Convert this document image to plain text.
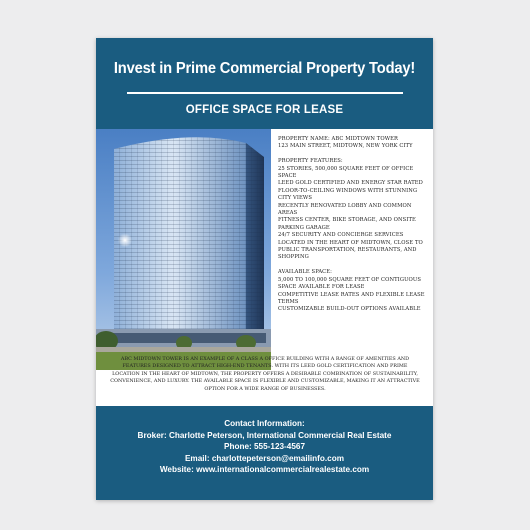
Invest in Prime Commercial Property Today!
OFFICE SPACE FOR LEASE
PROPERTY NAME: ABC MIDTOWN TOWER
123 MAIN STREET, MIDTOWN, NEW YORK CITY
PROPERTY FEATURES:
25 STORIES, 500,000 SQUARE FEET OF OFFICE SPACE
LEED GOLD CERTIFIED AND ENERGY STAR RATED
FLOOR-TO-CEILING WINDOWS WITH STUNNING CITY VIEWS
RECENTLY RENOVATED LOBBY AND COMMON AREAS
FITNESS CENTER, BIKE STORAGE, AND ONSITE PARKING GARAGE
24/7 SECURITY AND CONCIERGE SERVICES
LOCATED IN THE HEART OF MIDTOWN, CLOSE TO PUBLIC TRANSPORTATION, RESTAURANTS, AND SHOPPING
AVAILABLE SPACE:
5,000 TO 100,000 SQUARE FEET OF CONTIGUOUS SPACE AVAILABLE FOR LEASE
COMPETITIVE LEASE RATES AND FLEXIBLE LEASE TERMS
CUSTOMIZABLE BUILD-OUT OPTIONS AVAILABLE
ABC MIDTOWN TOWER IS AN EXAMPLE OF A CLASS A OFFICE BUILDING WITH A RANGE OF AMENITIES AND FEATURES DESIGNED TO ATTRACT HIGH-END TENANTS. WITH ITS LEED GOLD CERTIFICATION AND PRIME LOCATION IN THE HEART OF MIDTOWN, THE PROPERTY OFFERS A DESIRABLE COMBINATION OF SUSTAINABILITY, CONVENIENCE, AND LUXURY. THE AVAILABLE SPACE IS FLEXIBLE AND CUSTOMIZABLE, MAKING IT AN ATTRACTIVE OPTION FOR A WIDE RANGE OF BUSINESSES.
Contact Information:
Broker: Charlotte Peterson, International Commercial Real Estate
Phone: 555-123-4567
Email: charlottepeterson@emailinfo.com
Website: www.internationalcommercialrealestate.com
